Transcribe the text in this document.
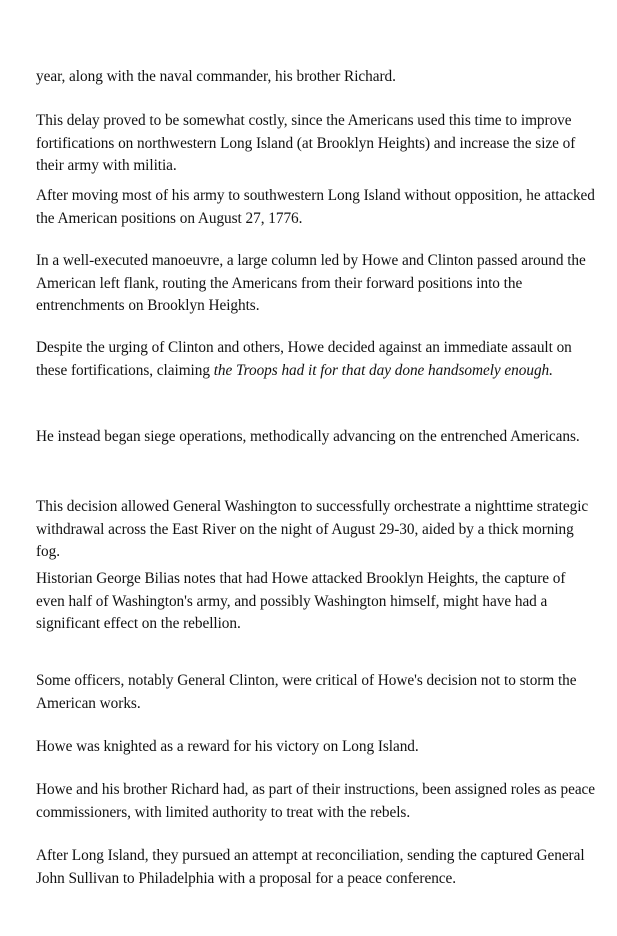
year, along with the naval commander, his brother Richard.

This delay proved to be somewhat costly, since the Americans used this time to improve fortifications on northwestern Long Island (at Brooklyn Heights) and increase the size of their army with militia.

After moving most of his army to southwestern Long Island without opposition, he attacked the American positions on August 27, 1776.

In a well-executed manoeuvre, a large column led by Howe and Clinton passed around the American left flank, routing the Americans from their forward positions into the entrenchments on Brooklyn Heights.

Despite the urging of Clinton and others, Howe decided against an immediate assault on these fortifications, claiming the Troops had it for that day done handsomely enough.

He instead began siege operations, methodically advancing on the entrenched Americans.

This decision allowed General Washington to successfully orchestrate a nighttime strategic withdrawal across the East River on the night of August 29-30, aided by a thick morning fog.

Historian George Bilias notes that had Howe attacked Brooklyn Heights, the capture of even half of Washington's army, and possibly Washington himself, might have had a significant effect on the rebellion.

Some officers, notably General Clinton, were critical of Howe's decision not to storm the American works.

Howe was knighted as a reward for his victory on Long Island.

Howe and his brother Richard had, as part of their instructions, been assigned roles as peace commissioners, with limited authority to treat with the rebels.

After Long Island, they pursued an attempt at reconciliation, sending the captured General John Sullivan to Philadelphia with a proposal for a peace conference.
